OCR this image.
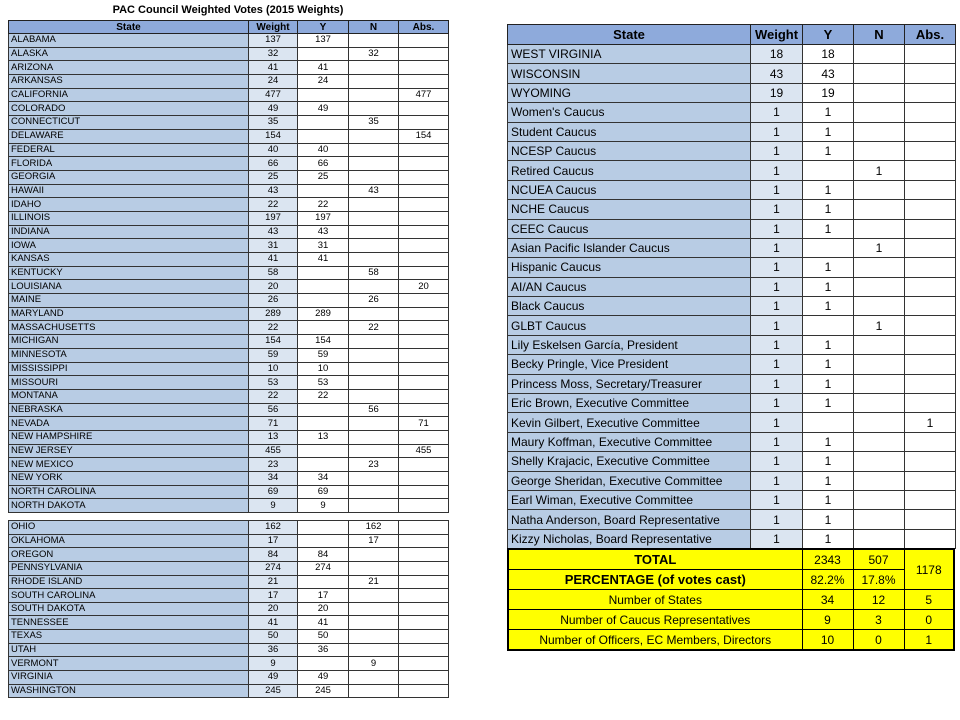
PAC Council Weighted Votes (2015 Weights)
State	Weight	Y	N	Abs.
ALABAMA	137	137		
ALASKA	32		32	
ARIZONA	41	41		
ARKANSAS	24	24		
CALIFORNIA	477			477
COLORADO	49	49		
CONNECTICUT	35		35	
DELAWARE	154			154
FEDERAL	40	40		
FLORIDA	66	66		
GEORGIA	25	25		
HAWAII	43		43	
IDAHO	22	22		
ILLINOIS	197	197		
INDIANA	43	43		
IOWA	31	31		
KANSAS	41	41		
KENTUCKY	58		58	
LOUISIANA	20			20
MAINE	26		26	
MARYLAND	289	289		
MASSACHUSETTS	22		22	
MICHIGAN	154	154		
MINNESOTA	59	59		
MISSISSIPPI	10	10		
MISSOURI	53	53		
MONTANA	22	22		
NEBRASKA	56		56	
NEVADA	71			71
NEW HAMPSHIRE	13	13		
NEW JERSEY	455			455
NEW MEXICO	23		23	
NEW YORK	34	34		
NORTH CAROLINA	69	69		
NORTH DAKOTA	9	9		
OHIO	162		162	
OKLAHOMA	17		17	
OREGON	84	84		
PENNSYLVANIA	274	274		
RHODE ISLAND	21		21	
SOUTH CAROLINA	17	17		
SOUTH DAKOTA	20	20		
TENNESSEE	41	41		
TEXAS	50	50		
UTAH	36	36		
VERMONT	9		9	
VIRGINIA	49	49		
WASHINGTON	245	245		
State	Weight	Y	N	Abs.
WEST VIRGINIA	18	18		
WISCONSIN	43	43		
WYOMING	19	19		
Women's Caucus	1	1		
Student Caucus	1	1		
NCESP Caucus	1	1		
Retired Caucus	1		1	
NCUEA Caucus	1	1		
NCHE Caucus	1	1		
CEEC Caucus	1	1		
Asian Pacific Islander Caucus	1		1	
Hispanic Caucus	1	1		
AI/AN Caucus	1	1		
Black Caucus	1	1		
GLBT Caucus	1		1	
Lily Eskelsen García, President	1	1		
Becky Pringle, Vice President	1	1		
Princess Moss, Secretary/Treasurer	1	1		
Eric Brown, Executive Committee	1	1		
Kevin Gilbert, Executive Committee	1			1
Maury Koffman, Executive Committee	1	1		
Shelly Krajacic, Executive Committee	1	1		
George Sheridan, Executive Committee	1	1		
Earl Wiman, Executive Committee	1	1		
Natha Anderson, Board Representative	1	1		
Kizzy Nicholas, Board Representative	1	1		
TOTAL	2343	507	1178
PERCENTAGE (of votes cast)	82.2%	17.8%	
Number of States	34	12	5
Number of Caucus Representatives	9	3	0
Number of Officers, EC Members, Directors	10	0	1
